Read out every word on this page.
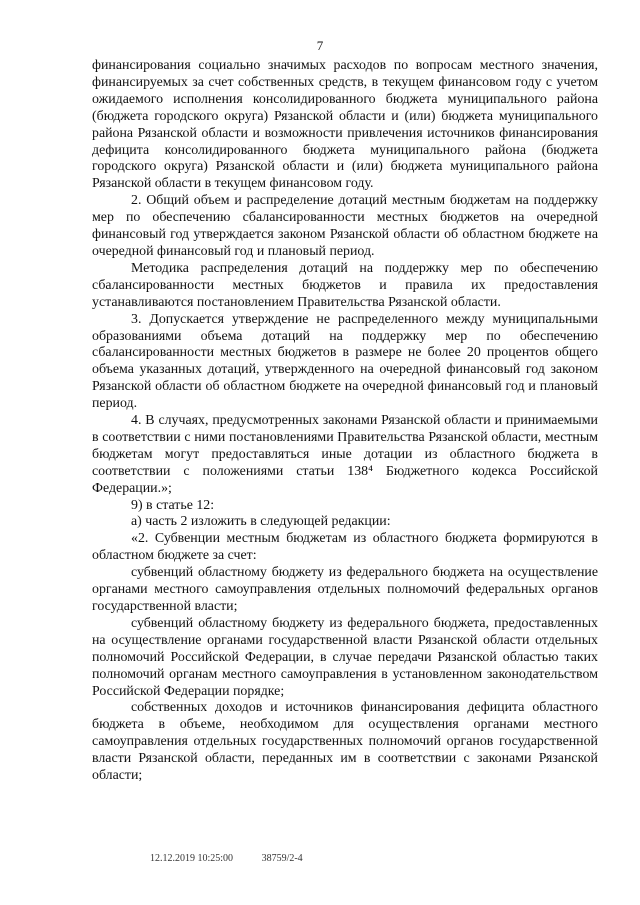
7

финансирования социально значимых расходов по вопросам местного значения, финансируемых за счет собственных средств, в текущем финансовом году с учетом ожидаемого исполнения консолидированного бюджета муниципального района (бюджета городского округа) Рязанской области и (или) бюджета муниципального района Рязанской области и возможности привлечения источников финансирования дефицита консолидированного бюджета муниципального района (бюджета городского округа) Рязанской области и (или) бюджета муниципального района Рязанской области в текущем финансовом году.

2. Общий объем и распределение дотаций местным бюджетам на поддержку мер по обеспечению сбалансированности местных бюджетов на очередной финансовый год утверждается законом Рязанской области об областном бюджете на очередной финансовый год и плановый период.

Методика распределения дотаций на поддержку мер по обеспечению сбалансированности местных бюджетов и правила их предоставления устанавливаются постановлением Правительства Рязанской области.

3. Допускается утверждение не распределенного между муниципальными образованиями объема дотаций на поддержку мер по обеспечению сбалансированности местных бюджетов в размере не более 20 процентов общего объема указанных дотаций, утвержденного на очередной финансовый год законом Рязанской области об областном бюджете на очередной финансовый год и плановый период.

4. В случаях, предусмотренных законами Рязанской области и принимаемыми в соответствии с ними постановлениями Правительства Рязанской области, местным бюджетам могут предоставляться иные дотации из областного бюджета в соответствии с положениями статьи 138⁴ Бюджетного кодекса Российской Федерации.»;

9) в статье 12:

а) часть 2 изложить в следующей редакции:

«2. Субвенции местным бюджетам из областного бюджета формируются в областном бюджете за счет:

субвенций областному бюджету из федерального бюджета на осуществление органами местного самоуправления отдельных полномочий федеральных органов государственной власти;

субвенций областному бюджету из федерального бюджета, предоставленных на осуществление органами государственной власти Рязанской области отдельных полномочий Российской Федерации, в случае передачи Рязанской областью таких полномочий органам местного самоуправления в установленном законодательством Российской Федерации порядке;

собственных доходов и источников финансирования дефицита областного бюджета в объеме, необходимом для осуществления органами местного самоуправления отдельных государственных полномочий органов государственной власти Рязанской области, переданных им в соответствии с законами Рязанской области;

12.12.2019 10:25:00	38759/2-4
